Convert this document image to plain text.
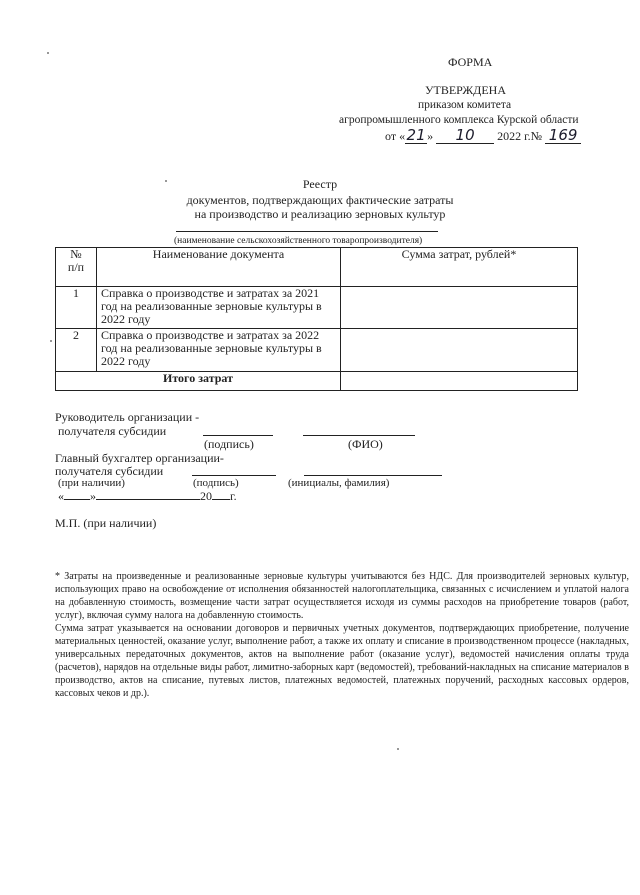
ФОРМА
УТВЕРЖДЕНА
приказом комитета
агропромышленного комплекса Курской области
от «21» 10 2022 г.№ 169
Реестр
документов, подтверждающих фактические затраты
на производство и реализацию зерновых культур
(наименование сельскохозяйственного товаропроизводителя)
№
п/п	Наименование документа	Сумма затрат, рублей*
1	Справка о производстве и затратах за 2021 год на реализованные зерновые культуры в 2022 году	
2	Справка о производстве и затратах за 2022 год на реализованные зерновые культуры в 2022 году	
Итого затрат		
Руководитель организации -
получателя субсидии
(подпись)	(ФИО)
Главный бухгалтер организации-
получателя субсидии
(при наличии)	(подпись)	(инициалы, фамилия)
« »	20 г.
М.П. (при наличии)

* Затраты на произведенные и реализованные зерновые культуры учитываются без НДС. Для производителей зерновых культур, использующих право на освобождение от исполнения обязанностей налогоплательщика, связанных с исчислением и уплатой налога на добавленную стоимость, возмещение части затрат осуществляется исходя из суммы расходов на приобретение товаров (работ, услуг), включая сумму налога на добавленную стоимость.

Сумма затрат указывается на основании договоров и первичных учетных документов, подтверждающих приобретение, получение материальных ценностей, оказание услуг, выполнение работ, а также их оплату и списание в производственном процессе (накладных, универсальных передаточных документов, актов на выполнение работ (оказание услуг), ведомостей начисления оплаты труда (расчетов), нарядов на отдельные виды работ, лимитно-заборных карт (ведомостей), требований-накладных на списание материалов в производство, актов на списание, путевых листов, платежных ведомостей, платежных поручений, расходных кассовых ордеров, кассовых чеков и др.).
